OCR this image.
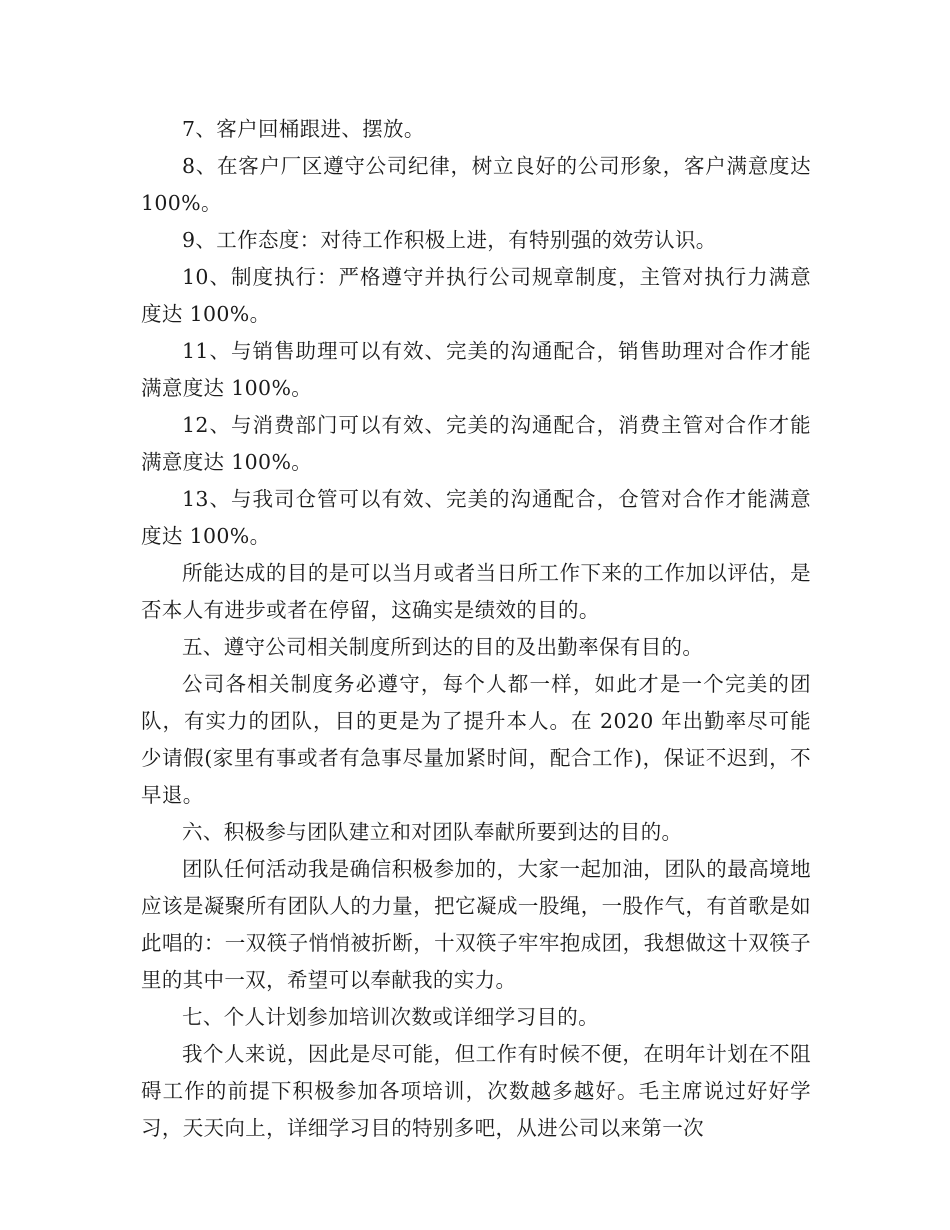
7、客户回桶跟进、摆放。

8、在客户厂区遵守公司纪律，树立良好的公司形象，客户满意度达 100%。

9、工作态度：对待工作积极上进，有特别强的效劳认识。

10、制度执行：严格遵守并执行公司规章制度，主管对执行力满意度达 100%。

11、与销售助理可以有效、完美的沟通配合，销售助理对合作才能满意度达 100%。

12、与消费部门可以有效、完美的沟通配合，消费主管对合作才能满意度达 100%。

13、与我司仓管可以有效、完美的沟通配合，仓管对合作才能满意度达 100%。

所能达成的目的是可以当月或者当日所工作下来的工作加以评估，是否本人有进步或者在停留，这确实是绩效的目的。

五、遵守公司相关制度所到达的目的及出勤率保有目的。

公司各相关制度务必遵守，每个人都一样，如此才是一个完美的团队，有实力的团队，目的更是为了提升本人。在 2020 年出勤率尽可能少请假(家里有事或者有急事尽量加紧时间，配合工作)，保证不迟到，不早退。

六、积极参与团队建立和对团队奉献所要到达的目的。

团队任何活动我是确信积极参加的，大家一起加油，团队的最高境地应该是凝聚所有团队人的力量，把它凝成一股绳，一股作气，有首歌是如此唱的：一双筷子悄悄被折断，十双筷子牢牢抱成团，我想做这十双筷子里的其中一双，希望可以奉献我的实力。

七、个人计划参加培训次数或详细学习目的。

我个人来说，因此是尽可能，但工作有时候不便，在明年计划在不阻碍工作的前提下积极参加各项培训，次数越多越好。毛主席说过好好学习，天天向上，详细学习目的特别多吧，从进公司以来第一次
